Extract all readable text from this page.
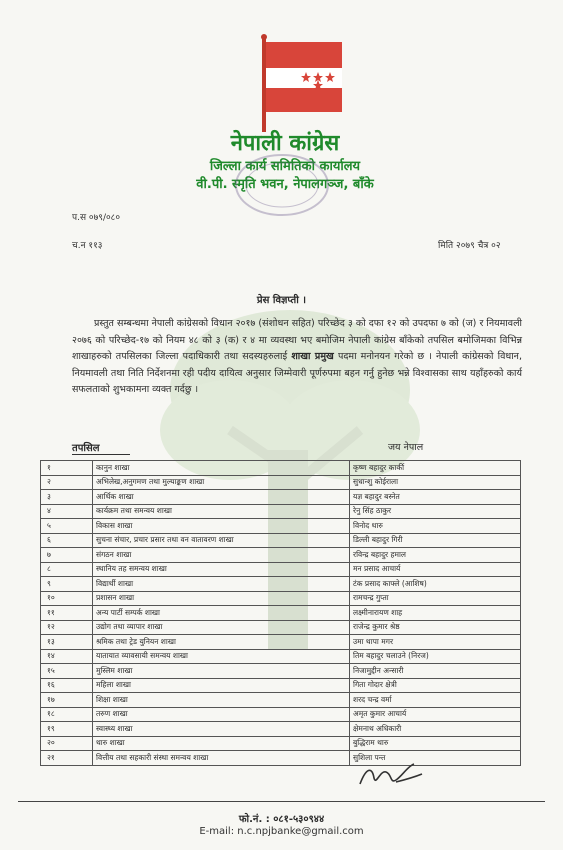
नेपाली कांग्रेस
जिल्ला कार्य समितिको कार्यालय
वी.पी. स्मृति भवन, नेपालगञ्ज, बाँके
प.स ०७९/०८०
च.न ११३	मिति २०७९ चैत्र ०२
प्रेस विज्ञप्ती ।

प्रस्तुत सम्बन्धमा नेपाली कांग्रेसको विधान २०१७ (संशोधन सहित) परिच्छेद ३ को दफा १२ को उपदफा ७ को (ज) र नियमावली २०७६ को परिच्छेद-१७ को नियम ४८ को ३ (क) र ४ मा व्यवस्था भए बमोजिम नेपाली कांग्रेस बाँकेको तपसिल बमोजिमका विभिन्न शाखाहरुको तपसिलका जिल्ला पदाधिकारी तथा सदस्यहरुलाई शाखा प्रमुख पदमा मनोनयन गरेको छ । नेपाली कांग्रेसको विधान, नियमावली तथा निति निर्देशनमा रही पदीय दायित्व अनुसार जिम्मेवारी पूर्णरुपमा बहन गर्नु हुनेछ भन्ने विश्वासका साथ यहाँहरुको कार्य सफलताको शुभकामना व्यक्त गर्दछु ।

तपसिल	जय नेपाल
१	कानुन शाखा	कृष्ण बहादुर कार्की
२	अभिलेख,अनुगमण तथा मुल्याङ्कण शाखा	सुधान्शु कोईराला
३	आर्थिक शाखा	यज्ञ बहादुर बस्नेत
४	कार्यक्रम तथा समन्वय शाखा	रेनु सिंह ठाकुर
५	विकास शाखा	विनोद थारु
६	सुचना संचार, प्रचार प्रसार तथा वन वातावरण शाखा	डिल्ली बहादुर गिरी
७	संगठन शाखा	रविन्द्र बहादुर हमाल
८	स्थानिय तह समन्वय शाखा	मन प्रसाद आचार्य
९	विद्यार्थी शाखा	टंक प्रसाद काफ्ले (आशिष)
१०	प्रशासन शाखा	रामचन्द्र गुप्ता
११	अन्य पार्टी सम्पर्क शाखा	लक्ष्मीनारायण शाह
१२	उद्योग तथा व्यापार शाखा	राजेन्द्र कुमार श्रेष्ठ
१३	श्रमिक तथा ट्रेड युनियन शाखा	उमा थापा मगर
१४	यातायात व्यावसायी समन्वय शाखा	तिम बहादुर चलाउने (निरज)
१५	मुस्लिम शाखा	निजामुद्दीन अन्सारी
१६	महिला शाखा	गिता गोदार क्षेत्री
१७	शिक्षा शाखा	शरद चन्द्र वर्मा
१८	तरुण शाखा	अमृत कुमार आचार्य
१९	स्वास्थ्य शाखा	क्षेमनाथ अधिकारी
२०	थारु शाखा	बुद्धिराम थारु
२१	वित्तीय तथा सहकारी संस्था समन्वय शाखा	सुशिला पन्त
फो.नं. : ०८१-५३०९४४
E-mail: n.c.npjbanke@gmail.com
